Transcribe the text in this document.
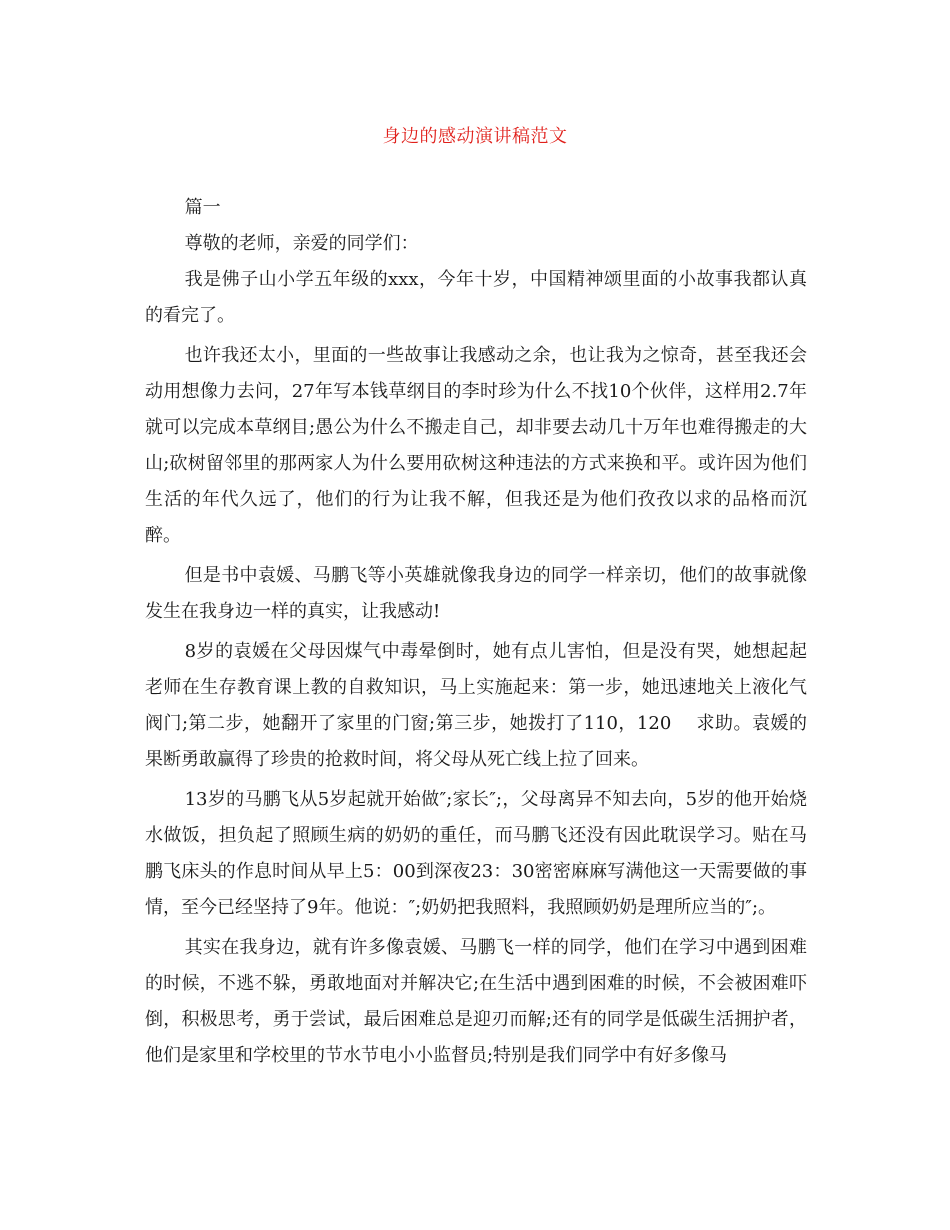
身边的感动演讲稿范文

篇一

尊敬的老师，亲爱的同学们：

我是佛子山小学五年级的xxx，今年十岁，中国精神颂里面的小故事我都认真的看完了。

也许我还太小，里面的一些故事让我感动之余，也让我为之惊奇，甚至我还会动用想像力去问，27年写本钱草纲目的李时珍为什么不找10个伙伴，这样用2.7年就可以完成本草纲目;愚公为什么不搬走自己，却非要去动几十万年也难得搬走的大山;砍树留邻里的那两家人为什么要用砍树这种违法的方式来换和平。或许因为他们生活的年代久远了，他们的行为让我不解，但我还是为他们孜孜以求的品格而沉醉。

但是书中袁媛、马鹏飞等小英雄就像我身边的同学一样亲切，他们的故事就像发生在我身边一样的真实，让我感动!

8岁的袁媛在父母因煤气中毒晕倒时，她有点儿害怕，但是没有哭，她想起起老师在生存教育课上教的自救知识，马上实施起来：第一步，她迅速地关上液化气阀门;第二步，她翻开了家里的门窗;第三步，她拨打了110，120　 求助。袁媛的果断勇敢赢得了珍贵的抢救时间，将父母从死亡线上拉了回来。

13岁的马鹏飞从5岁起就开始做″;家长″;，父母离异不知去向，5岁的他开始烧水做饭，担负起了照顾生病的奶奶的重任，而马鹏飞还没有因此耽误学习。贴在马鹏飞床头的作息时间从早上5：00到深夜23：30密密麻麻写满他这一天需要做的事情，至今已经坚持了9年。他说：″;奶奶把我照料，我照顾奶奶是理所应当的″;。

其实在我身边，就有许多像袁媛、马鹏飞一样的同学，他们在学习中遇到困难的时候，不逃不躲，勇敢地面对并解决它;在生活中遇到困难的时候，不会被困难吓倒，积极思考，勇于尝试，最后困难总是迎刃而解;还有的同学是低碳生活拥护者，他们是家里和学校里的节水节电小小监督员;特别是我们同学中有好多像马
